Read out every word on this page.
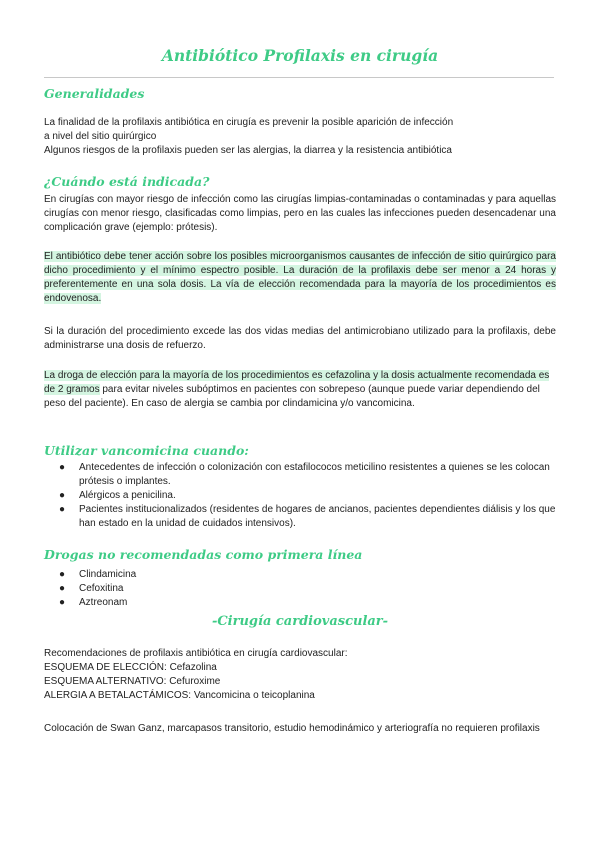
Antibiótico Profilaxis en cirugía
Generalidades

La finalidad de la profilaxis antibiótica en cirugía es prevenir la posible aparición de infección

a nivel del sitio quirúrgico

Algunos riesgos de la profilaxis pueden ser las alergias, la diarrea y la resistencia antibiótica

¿Cuándo está indicada?

En cirugías con mayor riesgo de infección como las cirugías limpias-contaminadas o contaminadas y para aquellas cirugías con menor riesgo, clasificadas como limpias, pero en las cuales las infecciones pueden desencadenar una complicación grave (ejemplo: prótesis).

El antibiótico debe tener acción sobre los posibles microorganismos causantes de infección de sitio quirúrgico para dicho procedimiento y el mínimo espectro posible. La duración de la profilaxis debe ser menor a 24 horas y preferentemente en una sola dosis. La vía de elección recomendada para la mayoría de los procedimientos es endovenosa.

Si la duración del procedimiento excede las dos vidas medias del antimicrobiano utilizado para la profilaxis, debe administrarse una dosis de refuerzo.

La droga de elección para la mayoría de los procedimientos es cefazolina y la dosis actualmente recomendada es de 2 gramos para evitar niveles subóptimos en pacientes con sobrepeso (aunque puede variar dependiendo del peso del paciente). En caso de alergia se cambia por clindamicina y/o vancomicina.

Utilizar vancomicina cuando:
● Antecedentes de infección o colonización con estafilococos meticilino resistentes a quienes se les colocan prótesis o implantes.
● Alérgicos a penicilina.
● Pacientes institucionalizados (residentes de hogares de ancianos, pacientes dependientes diálisis y los que han estado en la unidad de cuidados intensivos).
Drogas no recomendadas como primera línea
● Clindamicina
● Cefoxitina
● Aztreonam
-Cirugía cardiovascular-

Recomendaciones de profilaxis antibiótica en cirugía cardiovascular:

ESQUEMA DE ELECCIÓN: Cefazolina

ESQUEMA ALTERNATIVO: Cefuroxime

ALERGIA A BETALACTÁMICOS: Vancomicina o teicoplanina

Colocación de Swan Ganz, marcapasos transitorio, estudio hemodinámico y arteriografía no requieren profilaxis
